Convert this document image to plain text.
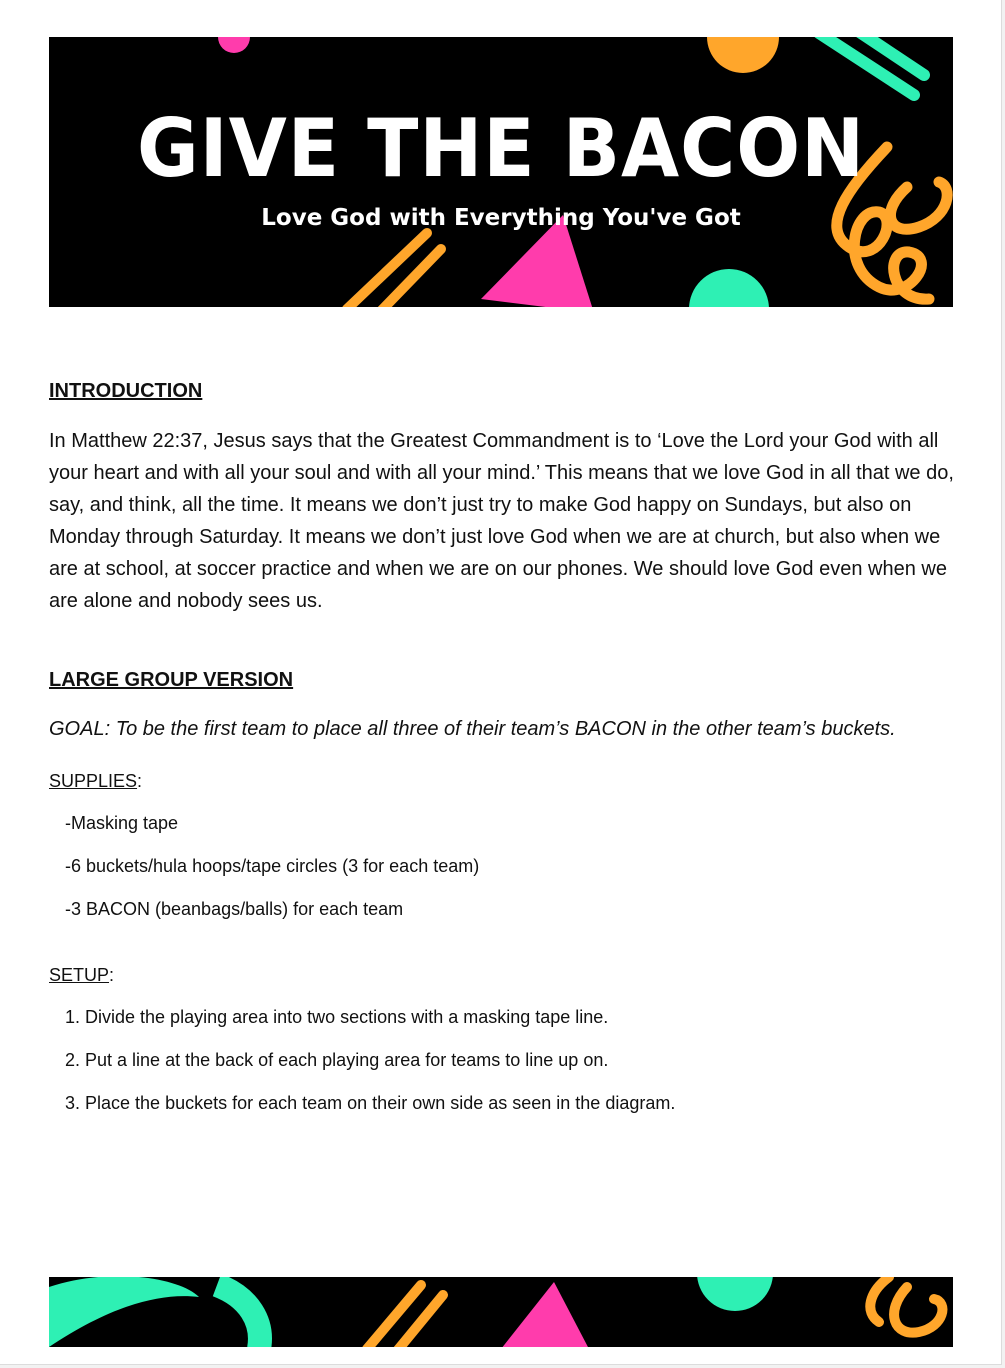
GIVE THE BACON
Love God with Everything You've Got
INTRODUCTION

In Matthew 22:37, Jesus says that the Greatest Commandment is to ‘Love the Lord your God with all your heart and with all your soul and with all your mind.’ This means that we love God in all that we do, say, and think, all the time. It means we don’t just try to make God happy on Sundays, but also on Monday through Saturday. It means we don’t just love God when we are at church, but also when we are at school, at soccer practice and when we are on our phones. We should love God even when we are alone and nobody sees us.

LARGE GROUP VERSION

GOAL: To be the first team to place all three of their team’s BACON in the other team’s buckets.

SUPPLIES:

-Masking tape

-6 buckets/hula hoops/tape circles (3 for each team)

-3 BACON (beanbags/balls) for each team

SETUP:

1. Divide the playing area into two sections with a masking tape line.
2. Put a line at the back of each playing area for teams to line up on.
3. Place the buckets for each team on their own side as seen in the diagram.
